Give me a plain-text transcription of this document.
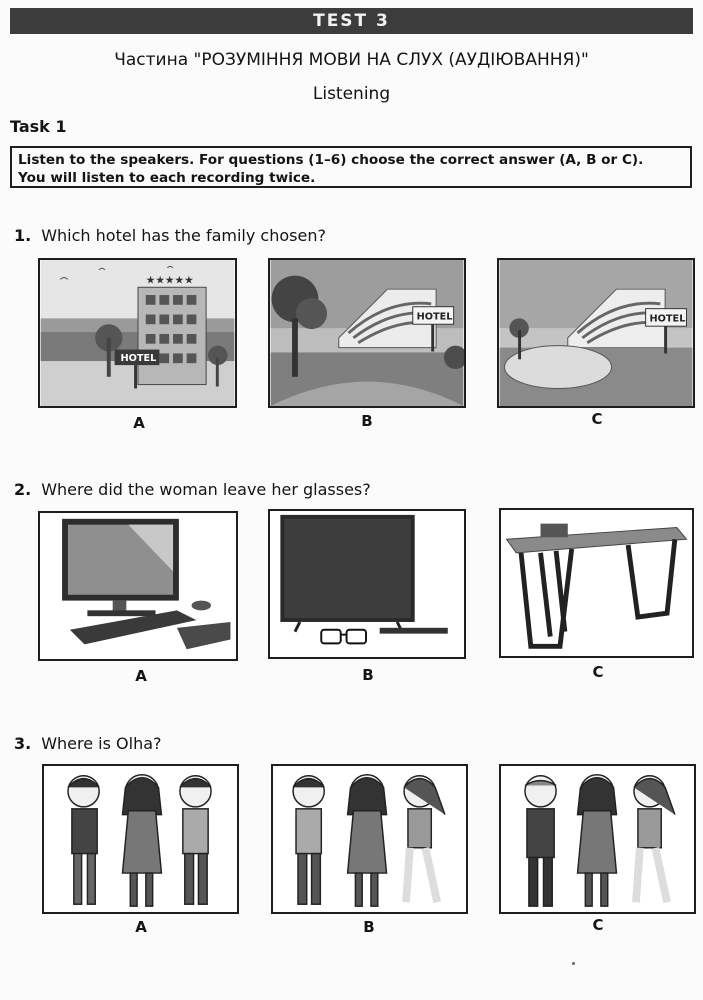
TEST 3
Частина "РОЗУМІННЯ МОВИ НА СЛУХ (АУДІЮВАННЯ)"
Listening
Task 1
Listen to the speakers. For questions (1–6) choose the correct answer (A, B or C).
You will listen to each recording twice.
1. Which hotel has the family chosen?
★★★★★
HOTEL
HOTEL	HOTEL
A	B	C
2. Where did the woman leave her glasses?
A	B	C
3. Where is Olha?
A	B	C
